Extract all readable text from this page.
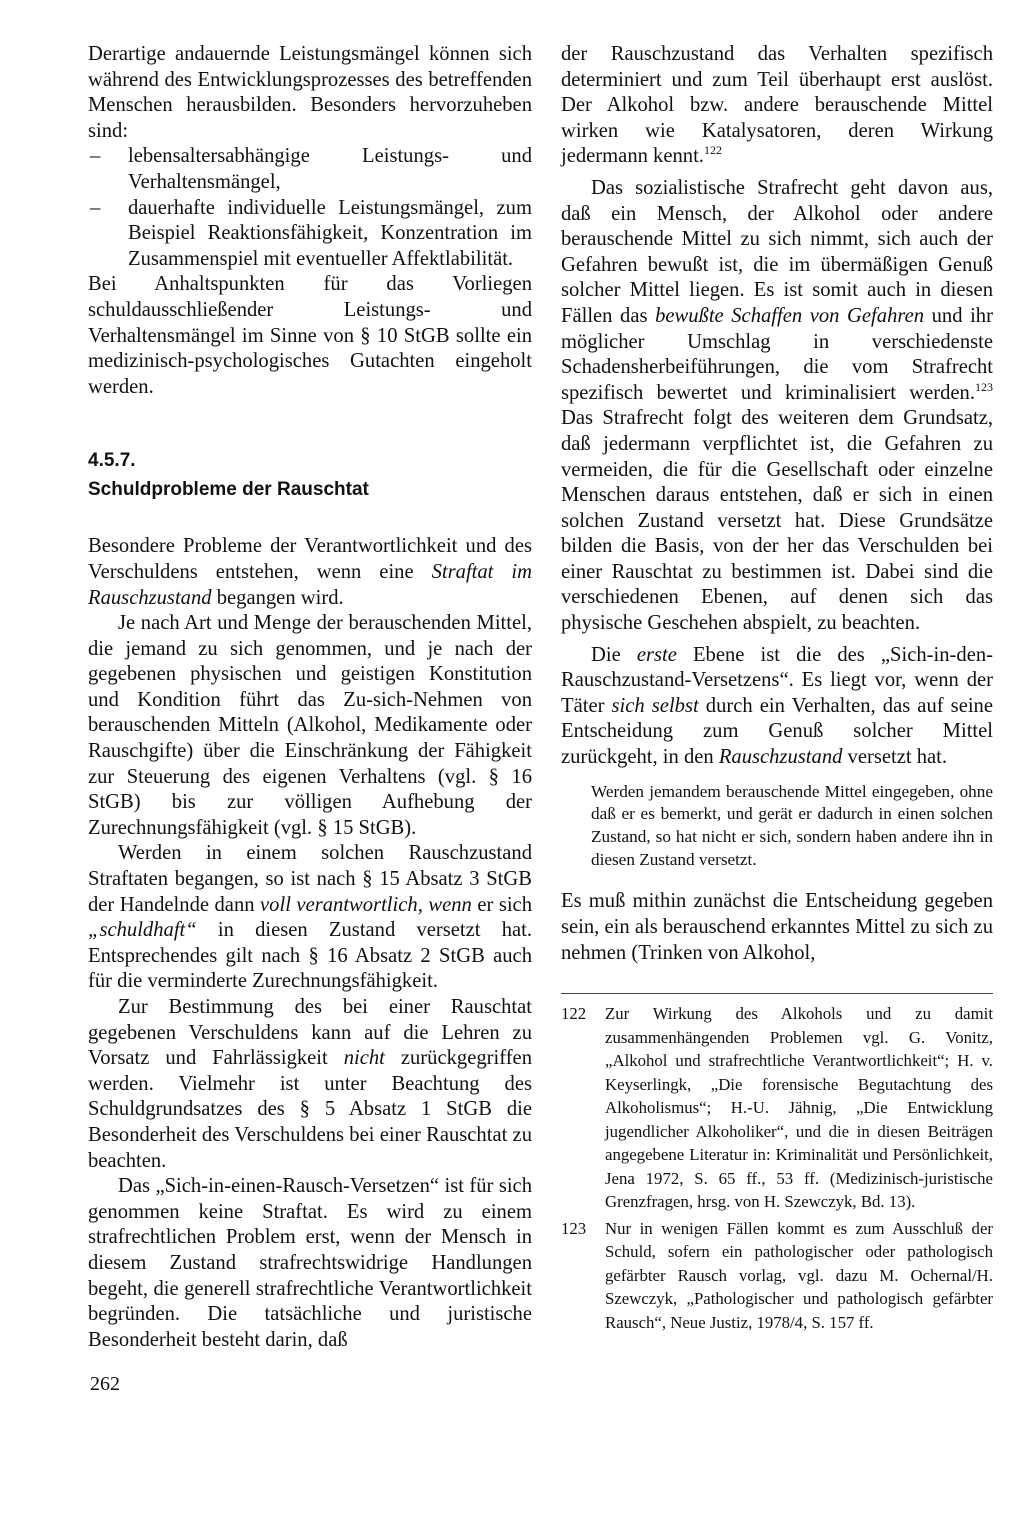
Derartige andauernde Leistungsmängel können sich während des Entwicklungsprozesses des betreffenden Menschen herausbilden. Besonders hervorzuheben sind:

– lebensaltersabhängige Leistungs- und Verhaltensmängel,
– dauerhafte individuelle Leistungsmängel, zum Beispiel Reaktionsfähigkeit, Konzentration im Zusammenspiel mit eventueller Affektlabilität.

Bei Anhaltspunkten für das Vorliegen schuldausschließender Leistungs- und Verhaltensmängel im Sinne von § 10 StGB sollte ein medizinisch-psychologisches Gutachten eingeholt werden.

4.5.7.
Schuldprobleme der Rauschtat

Besondere Probleme der Verantwortlichkeit und des Verschuldens entstehen, wenn eine Straftat im Rauschzustand begangen wird.

Je nach Art und Menge der berauschenden Mittel, die jemand zu sich genommen, und je nach der gegebenen physischen und geistigen Konstitution und Kondition führt das Zu-sich-Nehmen von berauschenden Mitteln (Alkohol, Medikamente oder Rauschgifte) über die Einschränkung der Fähigkeit zur Steuerung des eigenen Verhaltens (vgl. § 16 StGB) bis zur völligen Aufhebung der Zurechnungsfähigkeit (vgl. § 15 StGB).

Werden in einem solchen Rauschzustand Straftaten begangen, so ist nach § 15 Absatz 3 StGB der Handelnde dann voll verantwortlich, wenn er sich „schuldhaft“ in diesen Zustand versetzt hat. Entsprechendes gilt nach § 16 Absatz 2 StGB auch für die verminderte Zurechnungsfähigkeit.

Zur Bestimmung des bei einer Rauschtat gegebenen Verschuldens kann auf die Lehren zu Vorsatz und Fahrlässigkeit nicht zurückgegriffen werden. Vielmehr ist unter Beachtung des Schuldgrundsatzes des § 5 Absatz 1 StGB die Besonderheit des Verschuldens bei einer Rauschtat zu beachten.

Das „Sich-in-einen-Rausch-Versetzen“ ist für sich genommen keine Straftat. Es wird zu einem strafrechtlichen Problem erst, wenn der Mensch in diesem Zustand strafrechtswidrige Handlungen begeht, die generell strafrechtliche Verantwortlichkeit begründen. Die tatsächliche und juristische Besonderheit besteht darin, daß

der Rauschzustand das Verhalten spezifisch determiniert und zum Teil überhaupt erst auslöst. Der Alkohol bzw. andere berauschende Mittel wirken wie Katalysatoren, deren Wirkung jedermann kennt.$^{122}$

Das sozialistische Strafrecht geht davon aus, daß ein Mensch, der Alkohol oder andere berauschende Mittel zu sich nimmt, sich auch der Gefahren bewußt ist, die im übermäßigen Genuß solcher Mittel liegen. Es ist somit auch in diesen Fällen das bewußte Schaffen von Gefahren und ihr möglicher Umschlag in verschiedenste Schadensherbeiführungen, die vom Strafrecht spezifisch bewertet und kriminalisiert werden.$^{123}$ Das Strafrecht folgt des weiteren dem Grundsatz, daß jedermann verpflichtet ist, die Gefahren zu vermeiden, die für die Gesellschaft oder einzelne Menschen daraus entstehen, daß er sich in einen solchen Zustand versetzt hat. Diese Grundsätze bilden die Basis, von der her das Verschulden bei einer Rauschtat zu bestimmen ist. Dabei sind die verschiedenen Ebenen, auf denen sich das physische Geschehen abspielt, zu beachten.

Die erste Ebene ist die des „Sich-in-den-Rauschzustand-Versetzens“. Es liegt vor, wenn der Täter sich selbst durch ein Verhalten, das auf seine Entscheidung zum Genuß solcher Mittel zurückgeht, in den Rauschzustand versetzt hat.

Werden jemandem berauschende Mittel eingegeben, ohne daß er es bemerkt, und gerät er dadurch in einen solchen Zustand, so hat nicht er sich, sondern haben andere ihn in diesen Zustand versetzt.

Es muß mithin zunächst die Entscheidung gegeben sein, ein als berauschend erkanntes Mittel zu sich zu nehmen (Trinken von Alkohol,

122 Zur Wirkung des Alkohols und zu damit zusammenhängenden Problemen vgl. G. Vonitz, „Alkohol und strafrechtliche Verantwortlichkeit“; H. v. Keyserlingk, „Die forensische Begutachtung des Alkoholismus“; H.-U. Jähnig, „Die Entwicklung jugendlicher Alkoholiker“, und die in diesen Beiträgen angegebene Literatur in: Kriminalität und Persönlichkeit, Jena 1972, S. 65 ff., 53 ff. (Medizinisch-juristische Grenzfragen, hrsg. von H. Szewczyk, Bd. 13).
123 Nur in wenigen Fällen kommt es zum Ausschluß der Schuld, sofern ein pathologischer oder pathologisch gefärbter Rausch vorlag, vgl. dazu M. Ochernal/H. Szewczyk, „Pathologischer und pathologisch gefärbter Rausch“, Neue Justiz, 1978/4, S. 157 ff.
262
